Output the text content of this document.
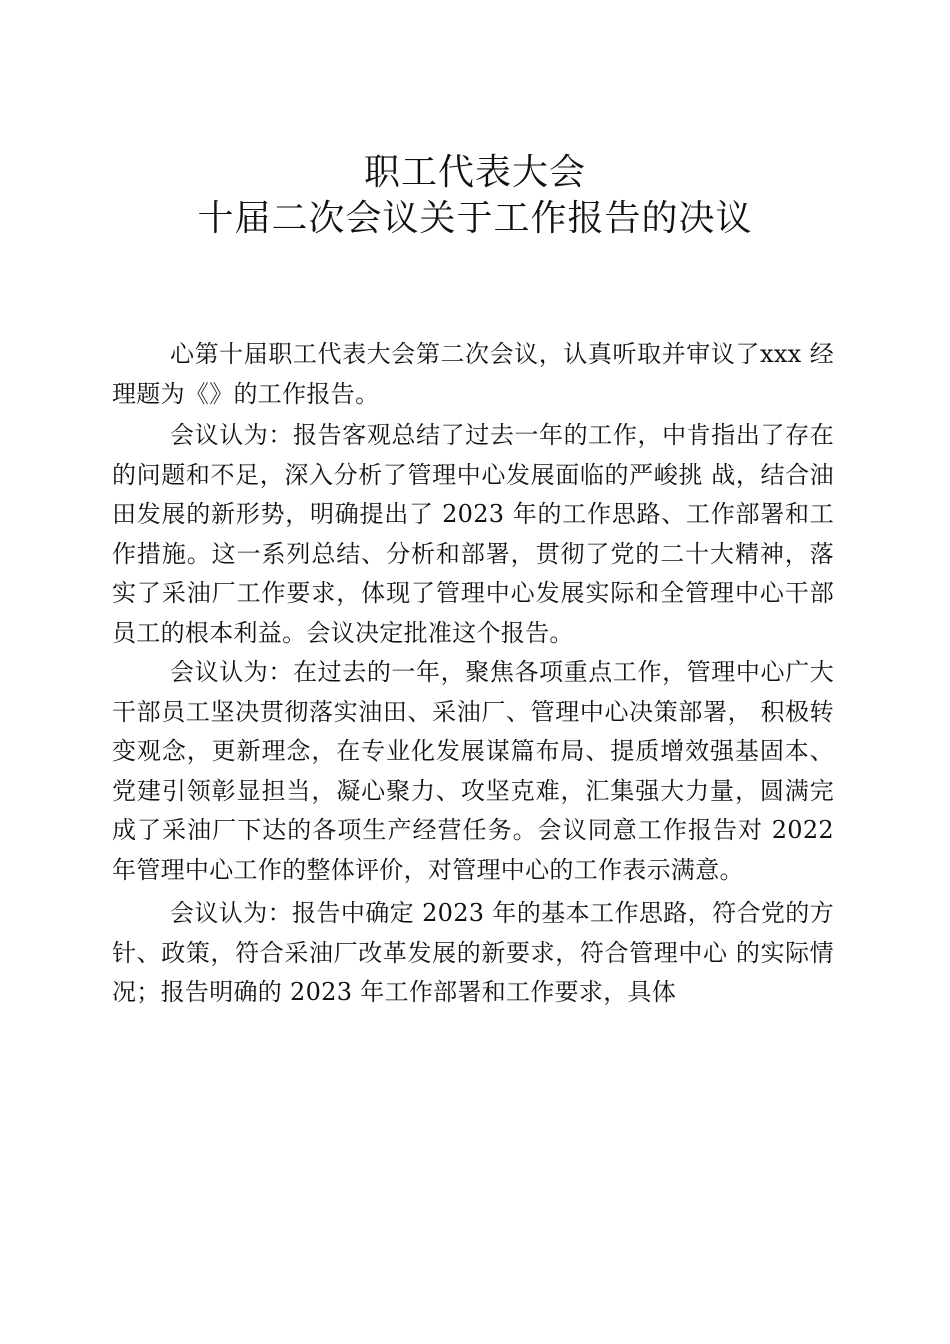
职工代表大会
十届二次会议关于工作报告的决议

心第十届职工代表大会第二次会议，认真听取并审议了xxx 经理题为《》的工作报告。

会议认为：报告客观总结了过去一年的工作，中肯指出了存在的问题和不足，深入分析了管理中心发展面临的严峻挑 战，结合油田发展的新形势，明确提出了 2023 年的工作思路、工作部署和工作措施。这一系列总结、分析和部署，贯彻了党的二十大精神，落实了采油厂工作要求，体现了管理中心发展实际和全管理中心干部员工的根本利益。会议决定批准这个报告。

会议认为：在过去的一年，聚焦各项重点工作，管理中心广大干部员工坚决贯彻落实油田、采油厂、管理中心决策部署， 积极转变观念，更新理念，在专业化发展谋篇布局、提质增效强基固本、党建引领彰显担当，凝心聚力、攻坚克难，汇集强大力量，圆满完成了采油厂下达的各项生产经营任务。会议同意工作报告对 2022 年管理中心工作的整体评价，对管理中心的工作表示满意。

会议认为：报告中确定 2023 年的基本工作思路，符合党的方针、政策，符合采油厂改革发展的新要求，符合管理中心 的实际情况；报告明确的 2023 年工作部署和工作要求，具体
